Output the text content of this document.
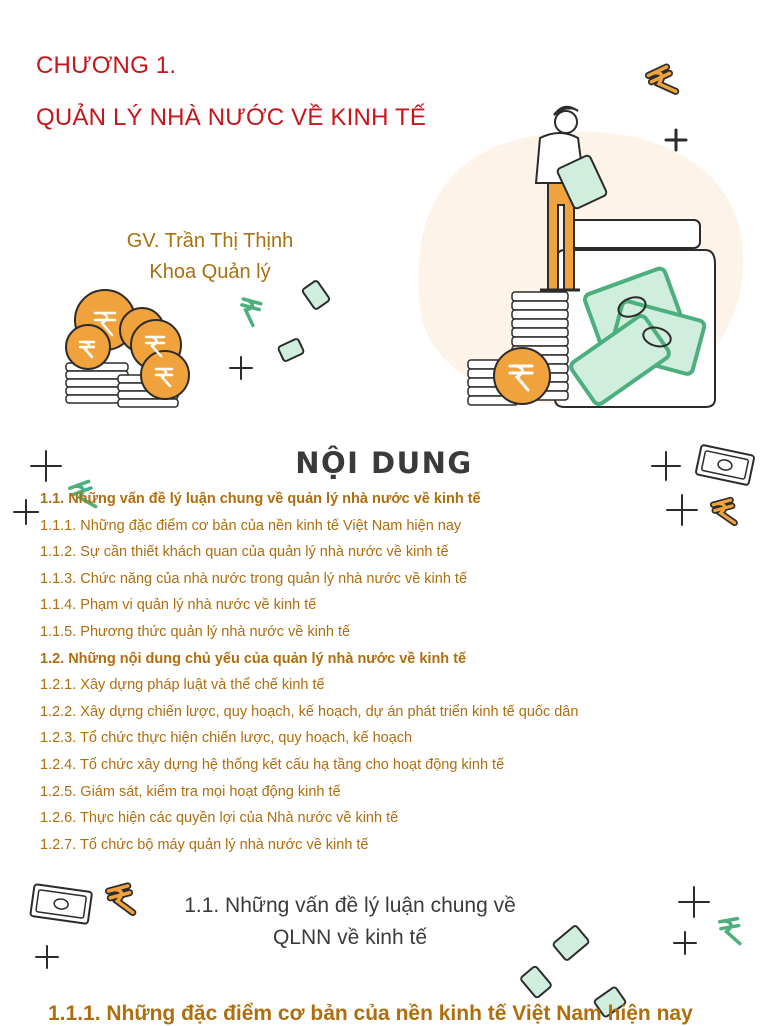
CHƯƠNG 1.
QUẢN LÝ NHÀ NƯỚC VỀ KINH TẾ
GV. Trần Thị Thịnh
Khoa Quản lý
NỘI DUNG
1.1. Những vấn đề lý luận chung về quản lý nhà nước về kinh tế
1.1.1. Những đặc điểm cơ bản của nền kinh tế Việt Nam hiện nay
1.1.2. Sự cần thiết khách quan của quản lý nhà nước về kinh tế
1.1.3. Chức năng của nhà nước trong quản lý nhà nước về kinh tế
1.1.4. Phạm vi quản lý nhà nước về kinh tế
1.1.5. Phương thức quản lý nhà nước về kinh tế
1.2. Những nội dung chủ yếu của quản lý nhà nước về kinh tế
1.2.1. Xây dựng pháp luật và thể chế kinh tế
1.2.2. Xây dựng chiến lược, quy hoạch, kế hoạch, dự án phát triển kinh tế quốc dân
1.2.3. Tổ chức thực hiện chiến lược, quy hoạch, kế hoạch
1.2.4. Tổ chức xây dựng hệ thống kết cấu hạ tầng cho hoạt động kinh tế
1.2.5. Giám sát, kiểm tra mọi hoạt động kinh tế
1.2.6. Thực hiện các quyền lợi của Nhà nước về kinh tế
1.2.7. Tổ chức bộ máy quản lý nhà nước về kinh tế
1.1. Những vấn đề lý luận chung về
QLNN về kinh tế
1.1.1. Những đặc điểm cơ bản của nền kinh tế Việt Nam hiện nay
